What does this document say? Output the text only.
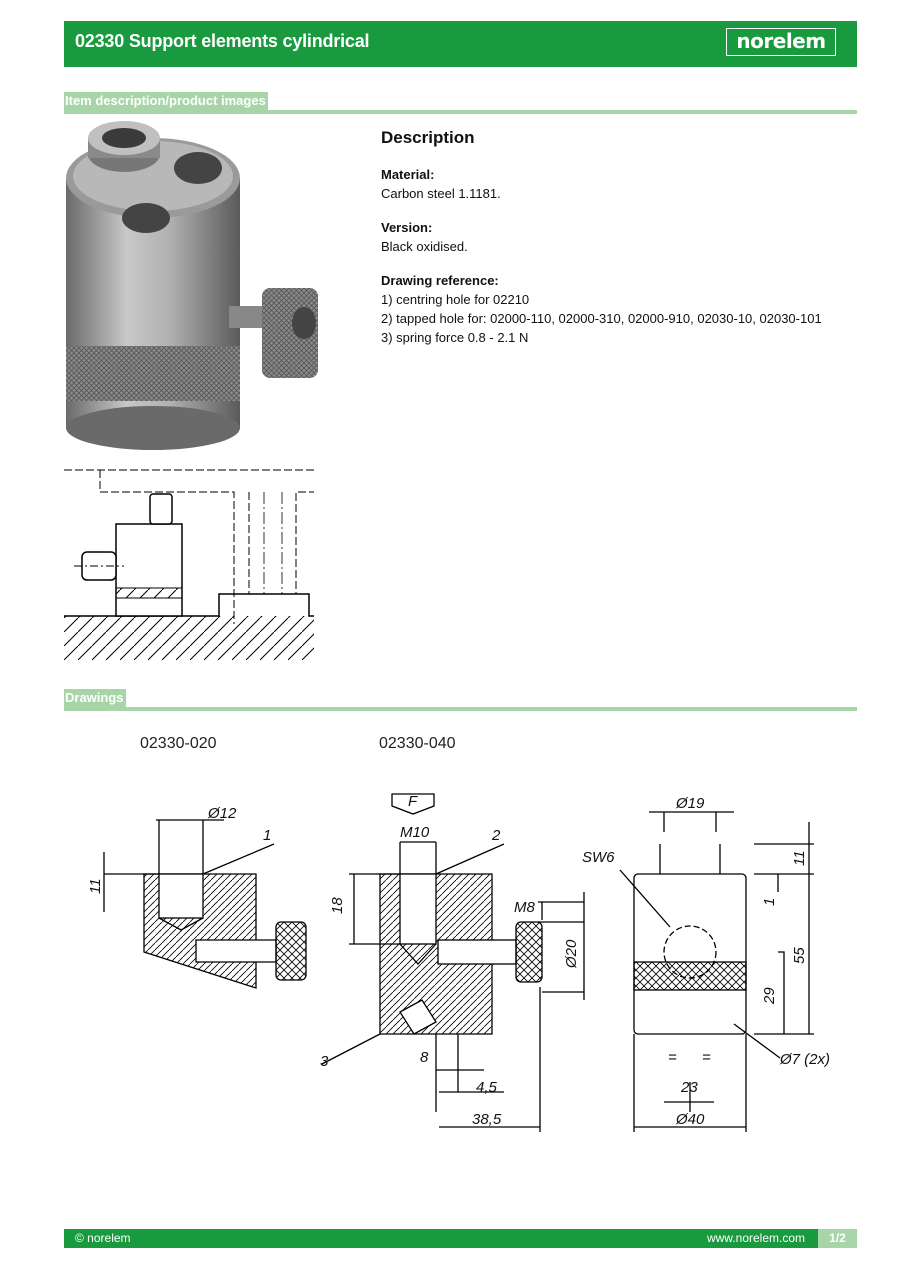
02330 Support elements cylindrical	norelem
Item description/product images
Description
Material:
Carbon steel 1.1181.
Version:
Black oxidised.
Drawing reference:
1) centring hole for 02210
2) tapped hole for: 02000-110, 02000-310, 02000-910, 02030-10, 02030-101
3) spring force 0.8 - 2.1 N
Drawings
02330-020	02330-040
Ø12
1
11
F
M10	2
18	M8
Ø20
3	8
4,5
38,5
Ø19
SW6	11
1
55
29
= =
23
Ø7 (2x)
Ø40
© norelem	www.norelem.com	1/2
